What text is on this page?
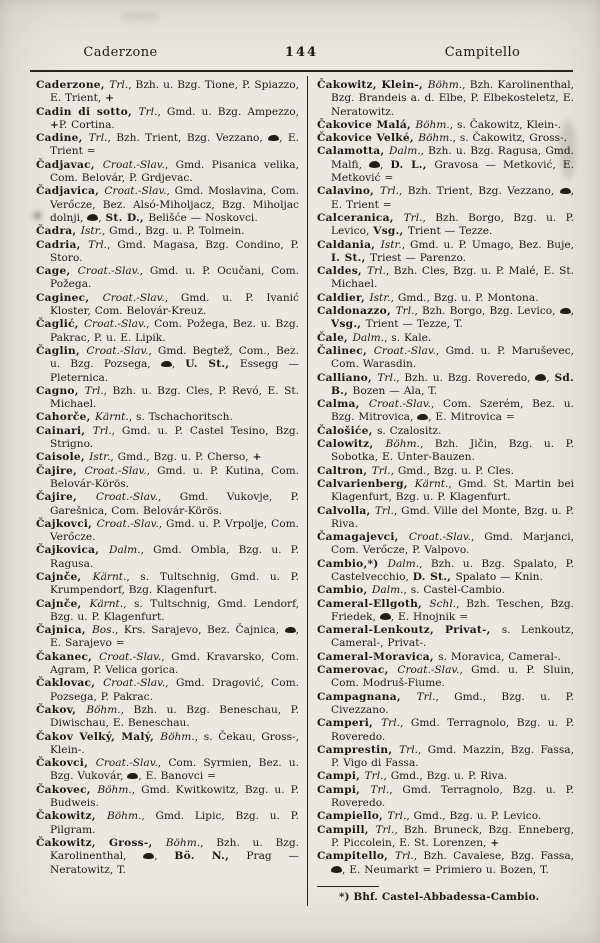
Caderzone	144	Campitello

Caderzone, Trl., Bzh. u. Bzg. Tione, P. Spiazzo, E. Trient, +

Cadin di sotto, Trl., Gmd. u. Bzg. Ampezzo, +P. Cortina.

Cadine, Trl., Bzh. Trient, Bzg. Vezzano, , E. Trient =

Čadjavac, Croat.-Slav., Gmd. Pisanica velika, Com. Belovár, P. Grdjevac.

Čadjavica, Croat.-Slav., Gmd. Moslavina, Com. Verőcze, Bez. Alsó-Miholjacz, Bzg. Miholjac dolnji, , St. D., Belišće — Noskovci.

Čadra, Istr., Gmd., Bzg. u. P. Tolmein.

Cadria, Trl., Gmd. Magasa, Bzg. Condino, P. Storo.

Cage, Croat.-Slav., Gmd. u. P. Ocučani, Com. Požega.

Caginec, Croat.-Slav., Gmd. u. P. Ivanić Kloster, Com. Belovár-Kreuz.

Čaglić, Croat.-Slav., Com. Požega, Bez. u. Bzg. Pakrac, P. u. E. Lipik.

Čaglin, Croat.-Slav., Gmd. Begtež, Com., Bez. u. Bzg. Pozsega, , U. St., Essegg — Pleternica.

Cagno, Trl., Bzh. u. Bzg. Cles, P. Revó, E. St. Michael.

Cahorče, Kärnt., s. Tschachoritsch.

Cainari, Trl., Gmd. u. P. Castel Tesino, Bzg. Strigno.

Caisole, Istr., Gmd., Bzg. u. P. Cherso, +

Čajire, Croat.-Slav., Gmd. u. P. Kutina, Com. Belovár-Körös.

Čajire, Croat.-Slav., Gmd. Vukovje, P. Garešnica, Com. Belovár-Körös.

Čajkovci, Croat.-Slav., Gmd. u. P. Vrpolje, Com. Verőcze.

Čajkovica, Dalm., Gmd. Ombla, Bzg. u. P. Ragusa.

Cajnče, Kärnt., s. Tultschnig, Gmd. u. P. Krumpendorf, Bzg. Klagenfurt.

Cajnče, Kärnt., s. Tultschnig, Gmd. Lendorf, Bzg. u. P. Klagenfurt.

Čajnica, Bos., Krs. Sarajevo, Bez. Čajnica, , E. Sarajevo =

Čakanec, Croat.-Slav., Gmd. Kravarsko, Com. Agram, P. Velica gorica.

Čaklovac, Croat.-Slav., Gmd. Dragović, Com. Pozsega, P. Pakrac.

Čakov, Böhm., Bzh. u. Bzg. Beneschau, P. Diwischau, E. Beneschau.

Čakov Velký, Malý, Böhm., s. Čekau, Gross-, Klein-.

Čakovci, Croat.-Slav., Com. Syrmien, Bez. u. Bzg. Vukovár, , E. Banovci =

Čakovec, Böhm., Gmd. Kwitkowitz, Bzg. u. P. Budweis.

Čakowitz, Böhm., Gmd. Lipic, Bzg. u. P. Pilgram.

Čakowitz, Gross-, Böhm., Bzh. u. Bzg. Karolinenthal, , Bö. N., Prag — Neratowitz, T.

Čakowitz, Klein-, Böhm., Bzh. Karolinenthal, Bzg. Brandeis a. d. Elbe, P. Elbekosteletz, E. Neratowitz.

Čakovice Malá, Böhm., s. Čakowitz, Klein-.

Čakovice Velké, Böhm., s. Čakowitz, Gross-.

Calamotta, Dalm., Bzh. u. Bzg. Ragusa, Gmd. Malfi, , D. L., Gravosa — Metković, E. Metković =

Calavino, Trl., Bzh. Trient, Bzg. Vezzano, , E. Trient =

Calceranica, Trl., Bzh. Borgo, Bzg. u. P. Levico, Vsg., Trient — Tezze.

Caldania, Istr., Gmd. u. P. Umago, Bez. Buje, I. St., Triest — Parenzo.

Caldes, Trl., Bzh. Cles, Bzg. u. P. Malé, E. St. Michael.

Caldier, Istr., Gmd., Bzg. u. P. Montona.

Caldonazzo, Trl., Bzh. Borgo, Bzg. Levico, , Vsg., Trient — Tezze, T.

Čale, Dalm., s. Kale.

Čalinec, Croat.-Slav., Gmd. u. P. Maruševec, Com. Warasdin.

Calliano, Trl., Bzh. u. Bzg. Roveredo, , Sd. B., Bozen — Ala, T.

Calma, Croat.-Slav., Com. Szerém, Bez. u. Bzg. Mitrovica, , E. Mitrovica =

Čalošiće, s. Czalositz.

Calowitz, Böhm., Bzh. Jičin, Bzg. u. P. Sobotka, E. Unter-Bauzen.

Caltron, Trl., Gmd., Bzg. u. P. Cles.

Calvarienberg, Kärnt., Gmd. St. Martin bei Klagenfurt, Bzg. u. P. Klagenfurt.

Calvolla, Trl., Gmd. Ville del Monte, Bzg. u. P. Riva.

Čamagajevci, Croat.-Slav., Gmd. Marjanci, Com. Verőcze, P. Valpovo.

Cambio,*) Dalm., Bzh. u. Bzg. Spalato, P. Castelvecchio, D. St., Spalato — Knin.

Cambio, Dalm., s. Castel-Cambio.

Cameral-Ellgoth, Schl., Bzh. Teschen, Bzg. Friedek, , E. Hnojnik =

Cameral-Lenkoutz, Privat-, s. Lenkoutz, Cameral-, Privat-.

Cameral-Moravica, s. Moravica, Cameral-.

Camerovac, Croat.-Slav., Gmd. u. P. Sluin, Com. Modruš-Fiume.

Campagnana, Trl., Gmd., Bzg. u. P. Civezzano.

Camperi, Trl., Gmd. Terragnolo, Bzg. u. P. Roveredo.

Camprestin, Trl., Gmd. Mazzin, Bzg. Fassa, P. Vigo di Fassa.

Campi, Trl., Gmd., Bzg. u. P. Riva.

Campi, Trl., Gmd. Terragnolo, Bzg. u. P. Roveredo.

Campiello, Trl., Gmd., Bzg. u. P. Levico.

Campill, Trl., Bzh. Bruneck, Bzg. Enneberg, P. Piccolein, E. St. Lorenzen, +

Campitello, Trl., Bzh. Cavalese, Bzg. Fassa, , E. Neumarkt = Primiero u. Bozen, T.

*) Bhf. Castel-Abbadessa-Cambio.
